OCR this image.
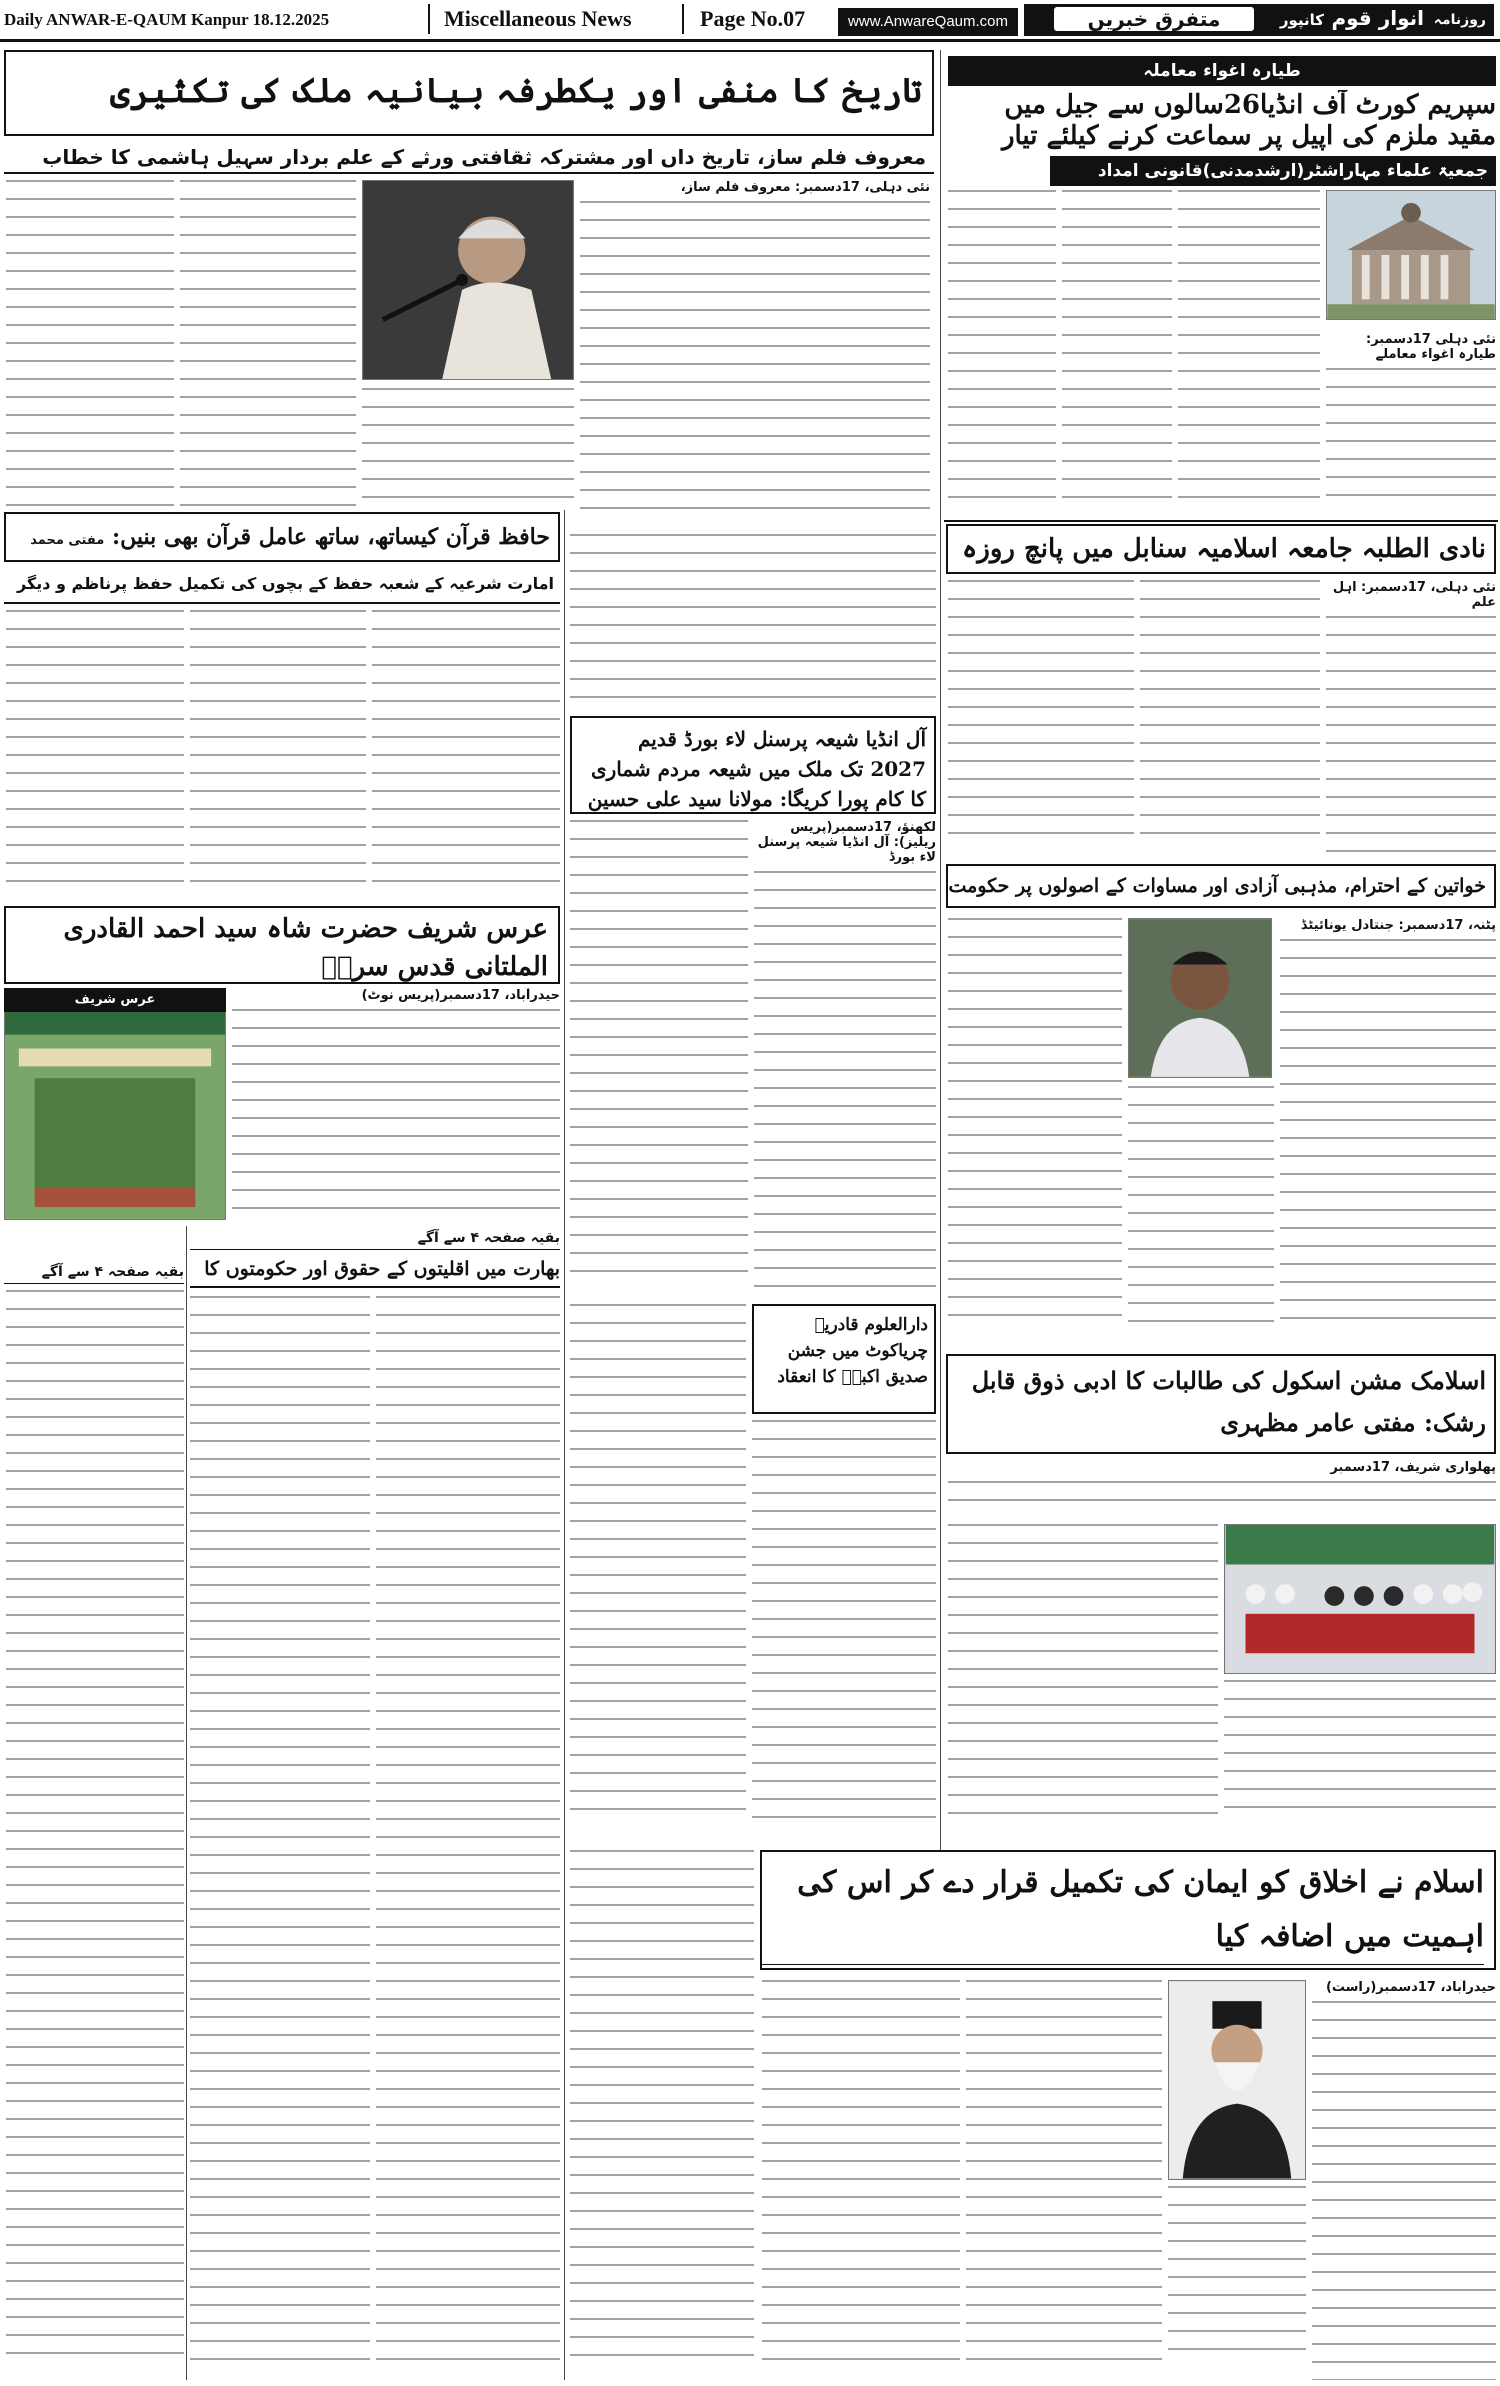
Daily ANWAR-E-QAUM Kanpur 18.12.2025	Miscellaneous News	Page No.07	www.AnwareQaum.com	روزنامہ
انوار قوم
کانپور
متفرق خبریں
طیارہ اغواء معاملہ
سپریم کورٹ آف انڈیا26سالوں سے جیل میں مقید ملزم کی اپیل پر سماعت کرنے کیلئے تیار
جمعیۃ علماء مہاراشٹر(ارشدمدنی)قانونی امداد
نئی دہلی 17دسمبر: طیارہ اغواء معاملے
تاریخ کا منفی اور یکطرفہ بیانیہ ملک کی تکثیری
معروف فلم ساز، تاریخ داں اور مشترکہ ثقافتی ورثے کے علم بردار سہیل ہاشمی کا خطاب
نئی دہلی، 17دسمبر: معروف فلم ساز،
نادی الطلبہ جامعہ اسلامیہ سنابل میں پانچ روزہ
نئی دہلی، 17دسمبر: اہل علم
خواتین کے احترام، مذہبی آزادی اور مساوات کے اصولوں پر حکومت
پٹنہ، 17دسمبر: جنتادل یونائیٹڈ
اسلامک مشن اسکول کی طالبات کا ادبی ذوق قابل رشک: مفتی عامر مظہری
پھلواری شریف، 17دسمبر
اسلام نے اخلاق کو ایمان کی تکمیل قرار دے کر اس کی اہمیت میں اضافہ کیا
حیدرآباد، 17دسمبر(راست)
آل انڈیا شیعہ پرسنل لاء بورڈ قدیم 2027 تک ملک میں شیعہ مردم شماری کا کام پورا کریگا: مولانا سید علی حسین
لکھنؤ، 17دسمبر(پریس ریلیز): آل انڈیا شیعہ پرسنل لاء بورڈ
دارالعلوم قادریہ چریاکوٹ میں جشن صدیق اکبرؓ کا انعقاد
حافظ قرآن کیساتھ، ساتھ عامل قرآن بھی بنیں: مفتی محمد
امارت شرعیہ کے شعبہ حفظ کے بچوں کی تکمیل حفظ پرناظم و دیگر
عرس شریف حضرت شاہ سید احمد القادری الملتانی قدس سرہٗ
عرس شریف	حیدرآباد، 17دسمبر(پریس نوٹ)
بقیہ صفحہ ۴ سے آگے
بھارت میں اقلیتوں کے حقوق اور حکومتوں کا
بقیہ صفحہ ۴ سے آگے
